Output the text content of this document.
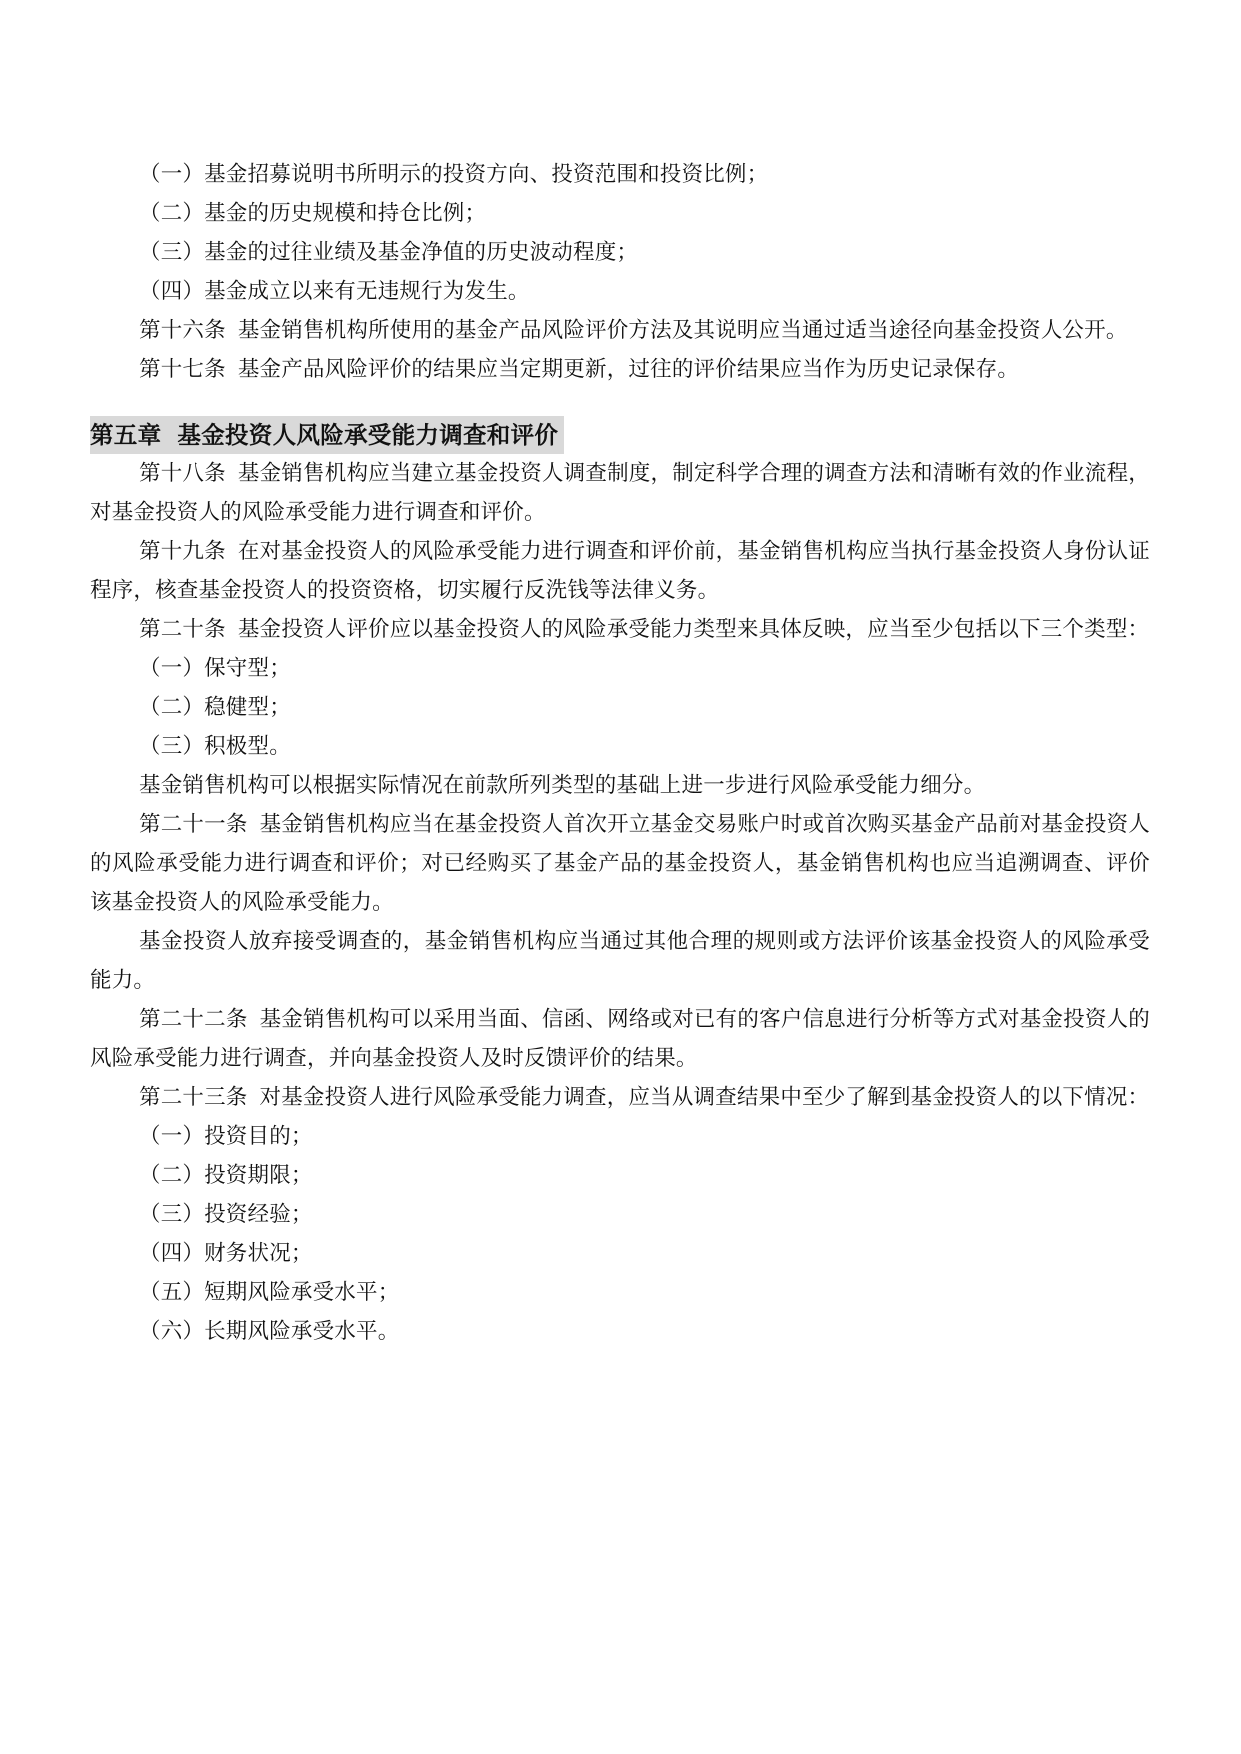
（一）基金招募说明书所明示的投资方向、投资范围和投资比例；
（二）基金的历史规模和持仓比例；
（三）基金的过往业绩及基金净值的历史波动程度；
（四）基金成立以来有无违规行为发生。
第十六条 基金销售机构所使用的基金产品风险评价方法及其说明应当通过适当途径向基金投资人公开。
第十七条 基金产品风险评价的结果应当定期更新，过往的评价结果应当作为历史记录保存。
第五章 基金投资人风险承受能力调查和评价
第十八条 基金销售机构应当建立基金投资人调查制度，制定科学合理的调查方法和清晰有效的作业流程，对基金投资人的风险承受能力进行调查和评价。
第十九条 在对基金投资人的风险承受能力进行调查和评价前，基金销售机构应当执行基金投资人身份认证程序，核查基金投资人的投资资格，切实履行反洗钱等法律义务。
第二十条 基金投资人评价应以基金投资人的风险承受能力类型来具体反映，应当至少包括以下三个类型：
（一）保守型；
（二）稳健型；
（三）积极型。
基金销售机构可以根据实际情况在前款所列类型的基础上进一步进行风险承受能力细分。
第二十一条 基金销售机构应当在基金投资人首次开立基金交易账户时或首次购买基金产品前对基金投资人的风险承受能力进行调查和评价；对已经购买了基金产品的基金投资人，基金销售机构也应当追溯调查、评价该基金投资人的风险承受能力。
基金投资人放弃接受调查的，基金销售机构应当通过其他合理的规则或方法评价该基金投资人的风险承受能力。
第二十二条 基金销售机构可以采用当面、信函、网络或对已有的客户信息进行分析等方式对基金投资人的风险承受能力进行调查，并向基金投资人及时反馈评价的结果。
第二十三条 对基金投资人进行风险承受能力调查，应当从调查结果中至少了解到基金投资人的以下情况：
（一）投资目的；
（二）投资期限；
（三）投资经验；
（四）财务状况；
（五）短期风险承受水平；
（六）长期风险承受水平。
